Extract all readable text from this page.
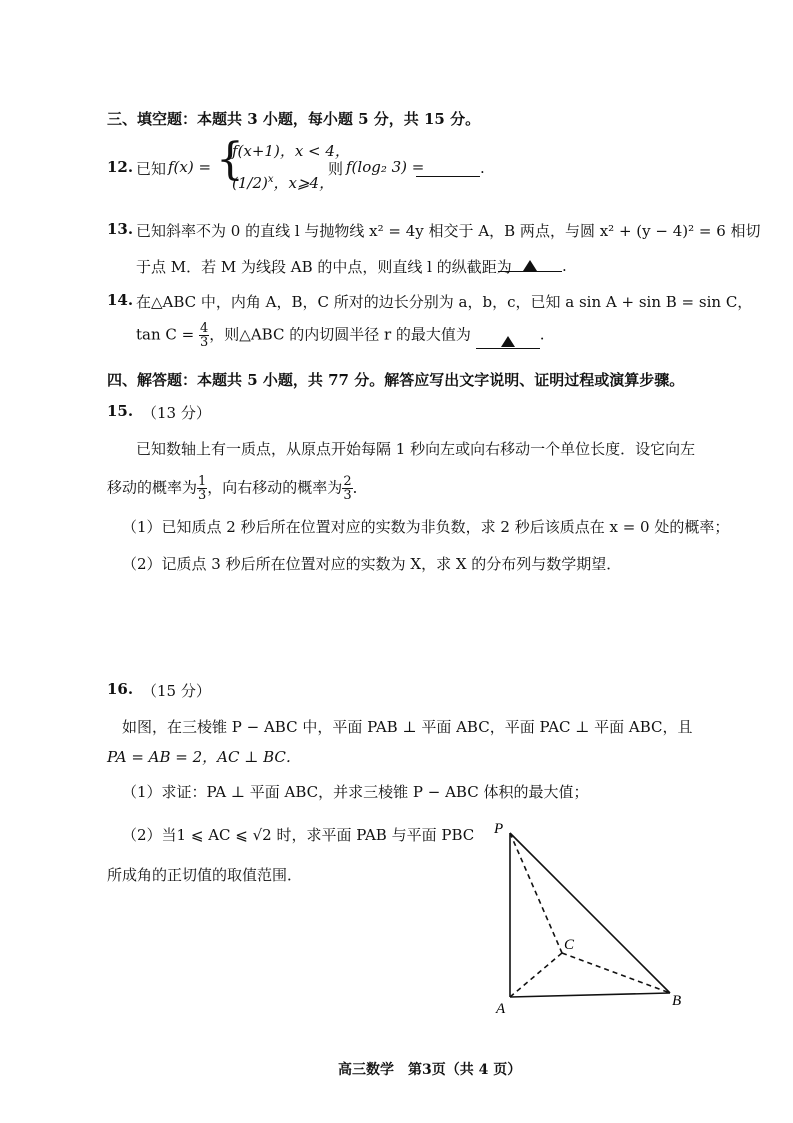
三、填空题：本题共 3 小题，每小题 5 分，共 15 分。
12. 已知 f(x) = {
f(x+1)，x < 4，
$(1/2)^x$，x⩾4，
则 f(log₂ 3) =	.
13. 已知斜率不为 0 的直线 l 与抛物线 x² = 4y 相交于 A，B 两点，与圆 x² + (y − 4)² = 6 相切
于点 M．若 M 为线段 AB 的中点，则直线 l 的纵截距为	.
14. 在△ABC 中，内角 A，B，C 所对的边长分别为 a，b，c，已知 a sin A + sin B = sin C，
$\tan C = \frac{4}{3}$ ，则△ABC 的内切圆半径 r 的最大值为	.
四、解答题：本题共 5 小题，共 77 分。解答应写出文字说明、证明过程或演算步骤。
15. （13 分）
已知数轴上有一质点，从原点开始每隔 1 秒向左或向右移动一个单位长度．设它向左
移动的概率为 $\frac{1}{3}$ ，向右移动的概率为 $\frac{2}{3}$ ．
（1）已知质点 2 秒后所在位置对应的实数为非负数，求 2 秒后该质点在 x = 0 处的概率；
（2）记质点 3 秒后所在位置对应的实数为 X，求 X 的分布列与数学期望．
16. （15 分）
如图，在三棱锥 P − ABC 中，平面 PAB ⊥ 平面 ABC，平面 PAC ⊥ 平面 ABC，且
PA = AB = 2，AC ⊥ BC．
（1）求证：PA ⊥ 平面 ABC，并求三棱锥 P − ABC 体积的最大值；
（2）当1 ⩽ AC ⩽ √2 时，求平面 PAB 与平面 PBC
所成角的正切值的取值范围．
P
A	B
C
高三数学　第3页（共 4 页）
